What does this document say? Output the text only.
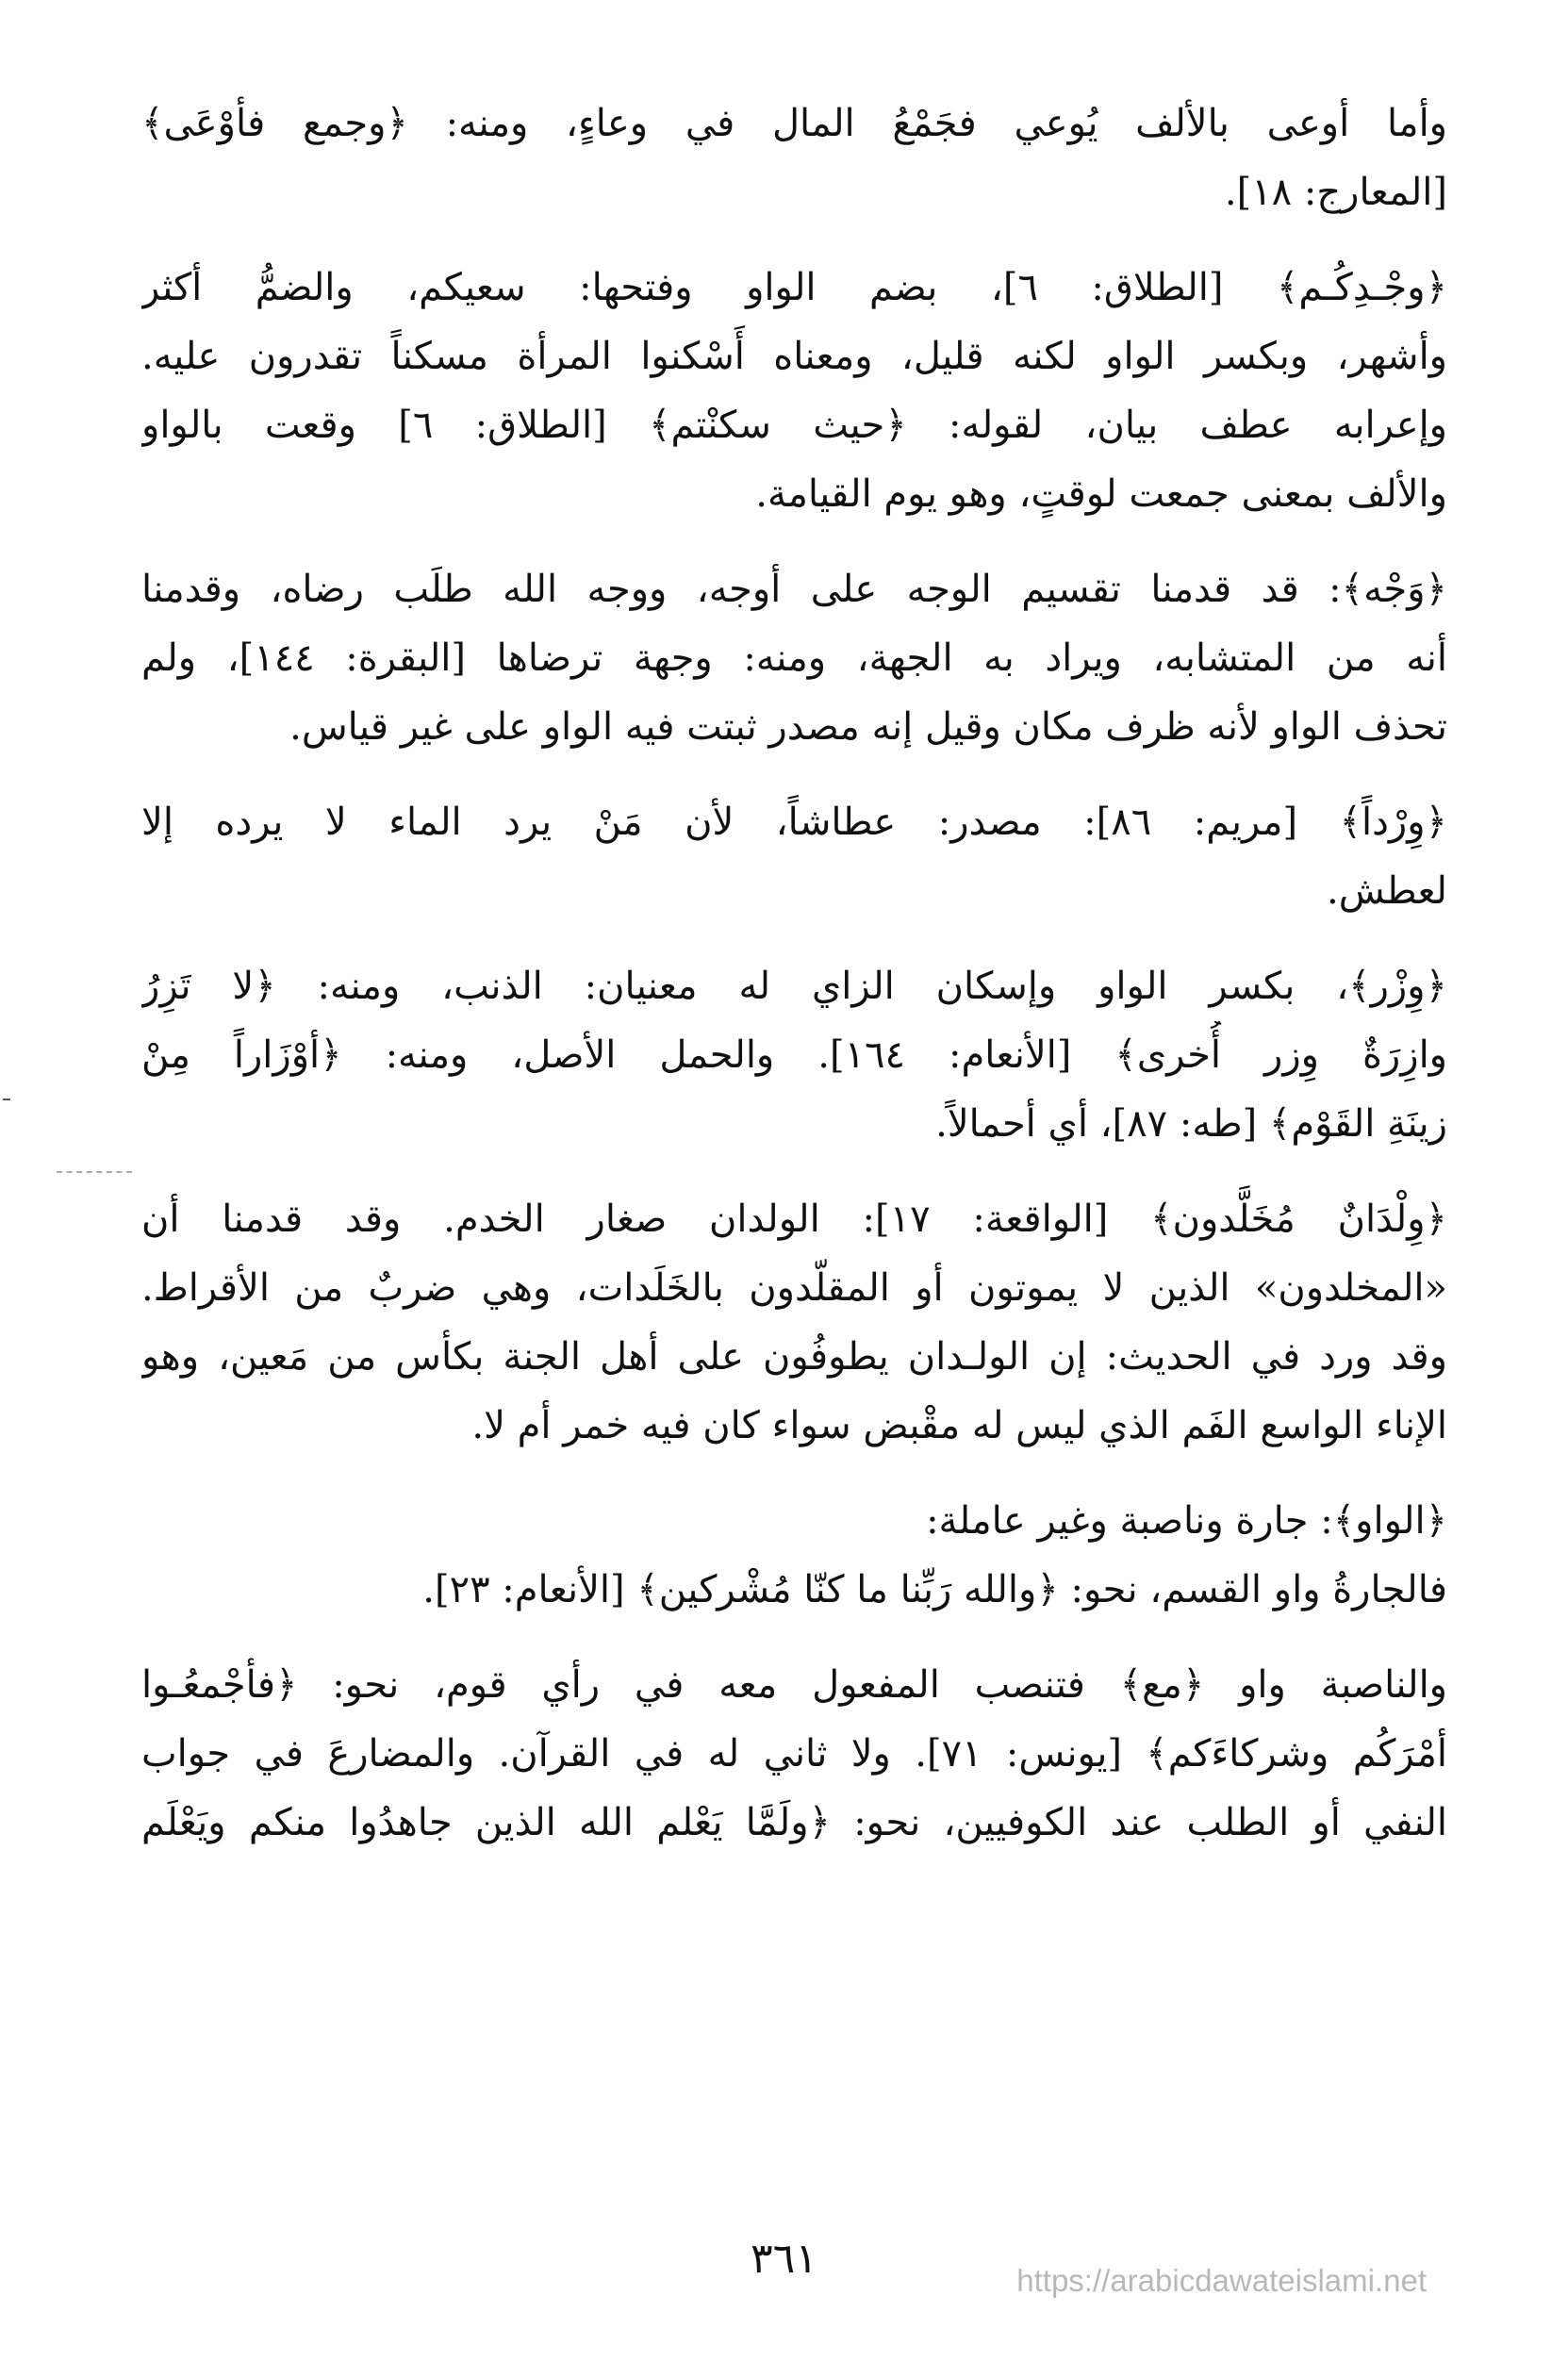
وأما أوعى بالألف يُوعي فجَمْعُ المال في وعاءٍ، ومنه: ﴿وجمع فأوْعَى﴾
[المعارج: ١٨].
﴿وجْـدِكُـم﴾ [الطلاق: ٦]، بضم الواو وفتحها: سعيكم، والضمُّ أكثر
وأشهر، وبكسر الواو لكنه قليل، ومعناه أَسْكنوا المرأة مسكناً تقدرون عليه.
وإعرابه عطف بيان، لقوله: ﴿حيث سكنْتم﴾ [الطلاق: ٦] وقعت بالواو
والألف بمعنى جمعت لوقتٍ، وهو يوم القيامة.
﴿وَجْه﴾: قد قدمنا تقسيم الوجه على أوجه، ووجه الله طلَب رضاه، وقدمنا
أنه من المتشابه، ويراد به الجهة، ومنه: وجهة ترضاها [البقرة: ١٤٤]، ولم
تحذف الواو لأنه ظرف مكان وقيل إنه مصدر ثبتت فيه الواو على غير قياس.
﴿وِرْداً﴾ [مريم: ٨٦]: مصدر: عطاشاً، لأن مَنْ يرد الماء لا يرده إلا
لعطش.
﴿وِزْر﴾، بكسر الواو وإسكان الزاي له معنيان: الذنب، ومنه: ﴿لا تَزِرُ
وازِرَةٌ وِزر أُخرى﴾ [الأنعام: ١٦٤]. والحمل الأصل، ومنه: ﴿أوْزَاراً مِنْ
زينَةِ القَوْم﴾ [طه: ٨٧]، أي أحمالاً.
﴿وِلْدَانٌ مُخَلَّدون﴾ [الواقعة: ١٧]: الولدان صغار الخدم. وقد قدمنا أن
«المخلدون» الذين لا يموتون أو المقلّدون بالخَلَدات، وهي ضربٌ من الأقراط.
وقد ورد في الحديث: إن الولـدان يطوفُون على أهل الجنة بكأس من مَعين، وهو
الإناء الواسع الفَم الذي ليس له مقْبض سواء كان فيه خمر أم لا.
﴿الواو﴾: جارة وناصبة وغير عاملة:
فالجارةُ واو القسم، نحو: ﴿والله رَبِّنا ما كنّا مُشْركين﴾ [الأنعام: ٢٣].
والناصبة واو ﴿مع﴾ فتنصب المفعول معه في رأي قوم، نحو: ﴿فأجْمعُـوا
أمْرَكُم وشركاءَكم﴾ [يونس: ٧١]. ولا ثاني له في القرآن. والمضارعَ في جواب
النفي أو الطلب عند الكوفيين، نحو: ﴿ولَمَّا يَعْلم الله الذين جاهدُوا منكم ويَعْلَم
٣٦١	https://arabicdawateislami.net
